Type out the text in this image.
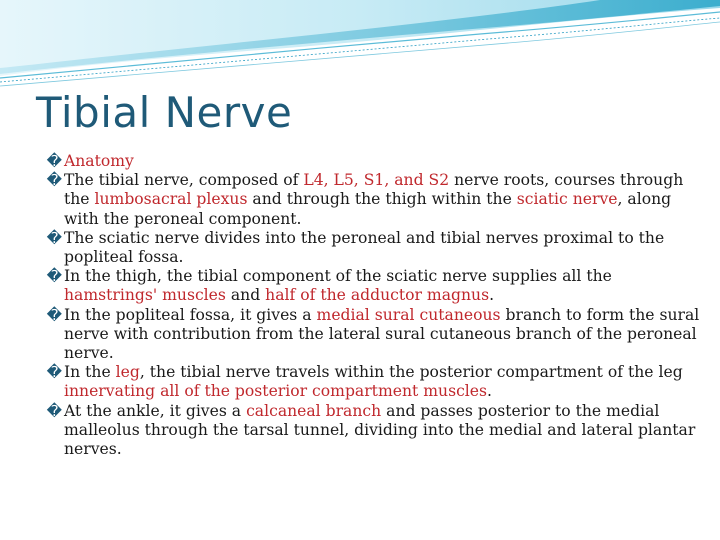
Tibial Nerve
� Anatomy
� The tibial nerve, composed of L4, L5, S1, and S2 nerve roots, courses through the lumbosacral plexus and through the thigh within the sciatic nerve, along with the peroneal component.
� The sciatic nerve divides into the peroneal and tibial nerves proximal to the popliteal fossa.
� In the thigh, the tibial component of the sciatic nerve supplies all the hamstrings' muscles and half of the adductor magnus.
� In the popliteal fossa, it gives a medial sural cutaneous branch to form the sural nerve with contribution from the lateral sural cutaneous branch of the peroneal nerve.
� In the leg, the tibial nerve travels within the posterior compartment of the leg innervating all of the posterior compartment muscles.
� At the ankle, it gives a calcaneal branch and passes posterior to the medial malleolus through the tarsal tunnel, dividing into the medial and lateral plantar nerves.
